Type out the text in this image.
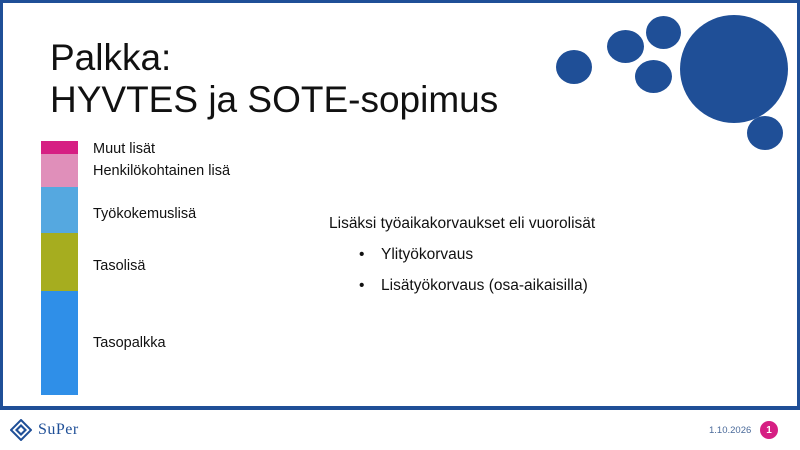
Palkka:
HYVTES ja SOTE-sopimus
Muut lisät
Henkilökohtainen lisä
Työkokemuslisä
Tasolisä
Tasopalkka
Lisäksi työaikakorvaukset eli vuorolisät
• Ylityökorvaus
• Lisätyökorvaus (osa-aikaisilla)
SuPer	1.10.2026	1
